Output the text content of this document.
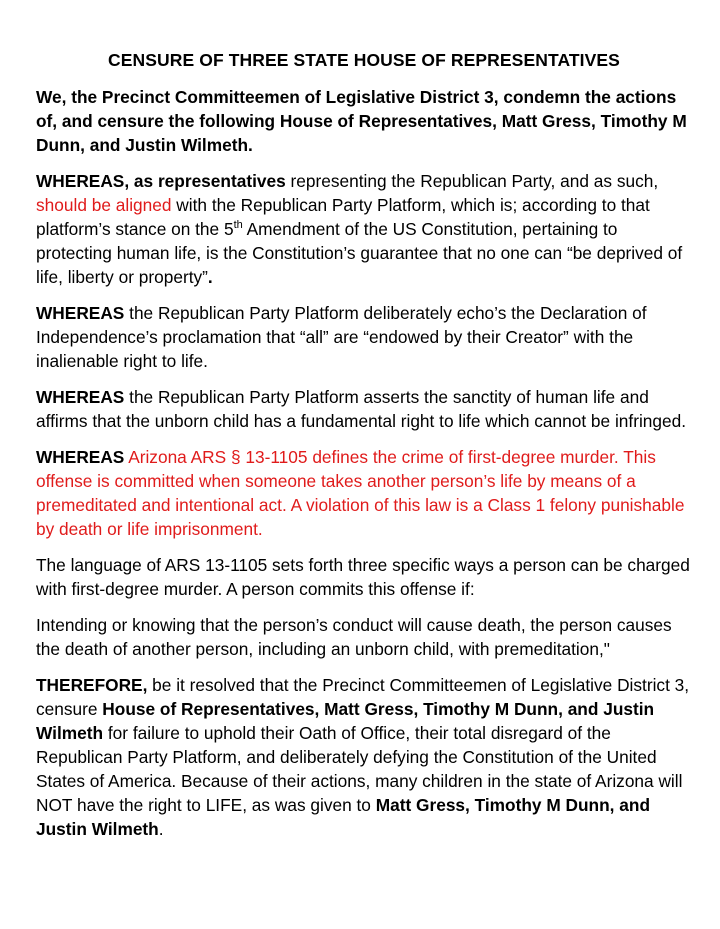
CENSURE OF THREE STATE HOUSE OF REPRESENTATIVES

We, the Precinct Committeemen of Legislative District 3, condemn the actions of, and censure the following House of Representatives, Matt Gress, Timothy M Dunn, and Justin Wilmeth.

WHEREAS, as representatives representing the Republican Party, and as such, should be aligned with the Republican Party Platform, which is; according to that platform’s stance on the 5th Amendment of the US Constitution, pertaining to protecting human life, is the Constitution’s guarantee that no one can “be deprived of life, liberty or property”.

WHEREAS the Republican Party Platform deliberately echo’s the Declaration of Independence’s proclamation that “all” are “endowed by their Creator” with the inalienable right to life.

WHEREAS the Republican Party Platform asserts the sanctity of human life and affirms that the unborn child has a fundamental right to life which cannot be infringed.

WHEREAS Arizona ARS § 13-1105 defines the crime of first-degree murder. This offense is committed when someone takes another person’s life by means of a premeditated and intentional act. A violation of this law is a Class 1 felony punishable by death or life imprisonment.

The language of ARS 13-1105 sets forth three specific ways a person can be charged with first-degree murder. A person commits this offense if:

Intending or knowing that the person’s conduct will cause death, the person causes the death of another person, including an unborn child, with premeditation,"

THEREFORE, be it resolved that the Precinct Committeemen of Legislative District 3, censure House of Representatives, Matt Gress, Timothy M Dunn, and Justin Wilmeth for failure to uphold their Oath of Office, their total disregard of the Republican Party Platform, and deliberately defying the Constitution of the United States of America. Because of their actions, many children in the state of Arizona will NOT have the right to LIFE, as was given to Matt Gress, Timothy M Dunn, and Justin Wilmeth.
